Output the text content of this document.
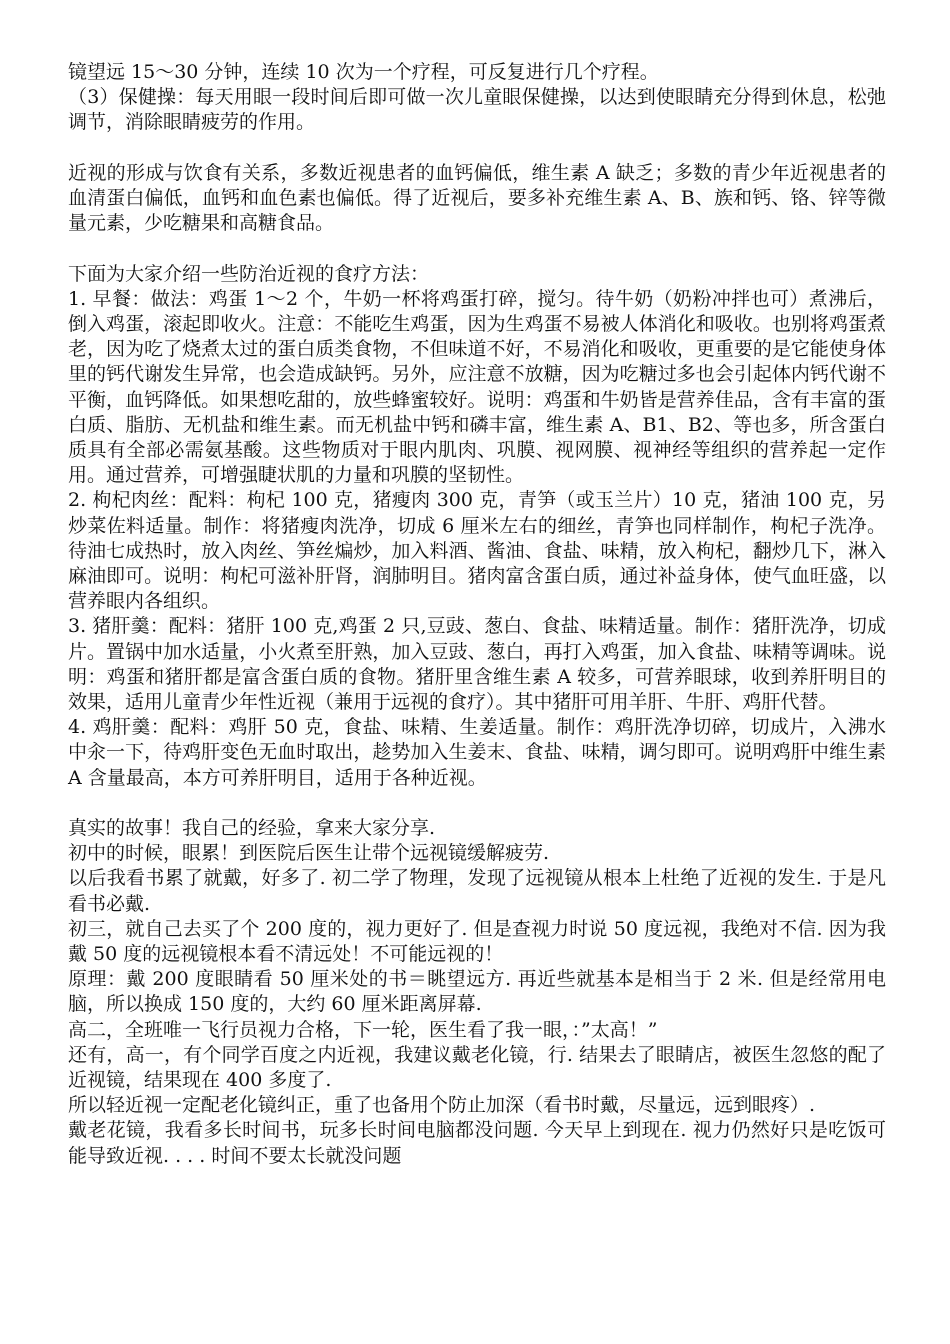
镜望远 15～30 分钟，连续 10 次为一个疗程，可反复进行几个疗程。

（3）保健操：每天用眼一段时间后即可做一次儿童眼保健操，以达到使眼睛充分得到休息，松弛调节，消除眼睛疲劳的作用。

近视的形成与饮食有关系，多数近视患者的血钙偏低，维生素 A 缺乏；多数的青少年近视患者的血清蛋白偏低，血钙和血色素也偏低。得了近视后，要多补充维生素 A、B、族和钙、铬、锌等微量元素，少吃糖果和高糖食品。

下面为大家介绍一些防治近视的食疗方法：

1. 早餐：做法：鸡蛋 1～2 个，牛奶一杯将鸡蛋打碎，搅匀。待牛奶（奶粉冲拌也可）煮沸后，倒入鸡蛋，滚起即收火。注意：不能吃生鸡蛋，因为生鸡蛋不易被人体消化和吸收。也别将鸡蛋煮老，因为吃了烧煮太过的蛋白质类食物，不但味道不好，不易消化和吸收，更重要的是它能使身体里的钙代谢发生异常，也会造成缺钙。另外，应注意不放糖，因为吃糖过多也会引起体内钙代谢不平衡，血钙降低。如果想吃甜的，放些蜂蜜较好。说明：鸡蛋和牛奶皆是营养佳品，含有丰富的蛋白质、脂肪、无机盐和维生素。而无机盐中钙和磷丰富，维生素 A、B1、B2、等也多，所含蛋白质具有全部必需氨基酸。这些物质对于眼内肌肉、巩膜、视网膜、视神经等组织的营养起一定作用。通过营养，可增强睫状肌的力量和巩膜的坚韧性。

2. 枸杞肉丝：配料：枸杞 100 克，猪瘦肉 300 克，青笋（或玉兰片）10 克，猪油 100 克，另炒菜佐料适量。制作：将猪瘦肉洗净，切成 6 厘米左右的细丝，青笋也同样制作，枸杞子洗净。待油七成热时，放入肉丝、笋丝煸炒，加入料酒、酱油、食盐、味精，放入枸杞，翻炒几下，淋入麻油即可。说明：枸杞可滋补肝肾，润肺明目。猪肉富含蛋白质，通过补益身体，使气血旺盛，以营养眼内各组织。

3. 猪肝羹：配料：猪肝 100 克,鸡蛋 2 只,豆豉、葱白、食盐、味精适量。制作：猪肝洗净，切成片。置锅中加水适量，小火煮至肝熟，加入豆豉、葱白，再打入鸡蛋，加入食盐、味精等调味。说明：鸡蛋和猪肝都是富含蛋白质的食物。猪肝里含维生素 A 较多，可营养眼球，收到养肝明目的效果，适用儿童青少年性近视（兼用于远视的食疗）。其中猪肝可用羊肝、牛肝、鸡肝代替。

4. 鸡肝羹：配料：鸡肝 50 克，食盐、味精、生姜适量。制作：鸡肝洗净切碎，切成片，入沸水中汆一下，待鸡肝变色无血时取出，趁势加入生姜末、食盐、味精，调匀即可。说明鸡肝中维生素 A 含量最高，本方可养肝明目，适用于各种近视。

真实的故事！我自己的经验，拿来大家分享.

初中的时候，眼累！到医院后医生让带个远视镜缓解疲劳.

以后我看书累了就戴，好多了. 初二学了物理，发现了远视镜从根本上杜绝了近视的发生. 于是凡看书必戴.

初三，就自己去买了个 200 度的，视力更好了. 但是查视力时说 50 度远视，我绝对不信. 因为我戴 50 度的远视镜根本看不清远处！不可能远视的！

原理：戴 200 度眼睛看 50 厘米处的书＝眺望远方. 再近些就基本是相当于 2 米. 但是经常用电脑，所以换成 150 度的，大约 60 厘米距离屏幕.

高二，全班唯一飞行员视力合格，下一轮，医生看了我一眼，：”太高！”

还有，高一，有个同学百度之内近视，我建议戴老化镜，行. 结果去了眼睛店，被医生忽悠的配了近视镜，结果现在 400 多度了.

所以轻近视一定配老化镜纠正，重了也备用个防止加深（看书时戴，尽量远，远到眼疼）.

戴老花镜，我看多长时间书，玩多长时间电脑都没问题. 今天早上到现在. 视力仍然好只是吃饭可能导致近视. . . . 时间不要太长就没问题
